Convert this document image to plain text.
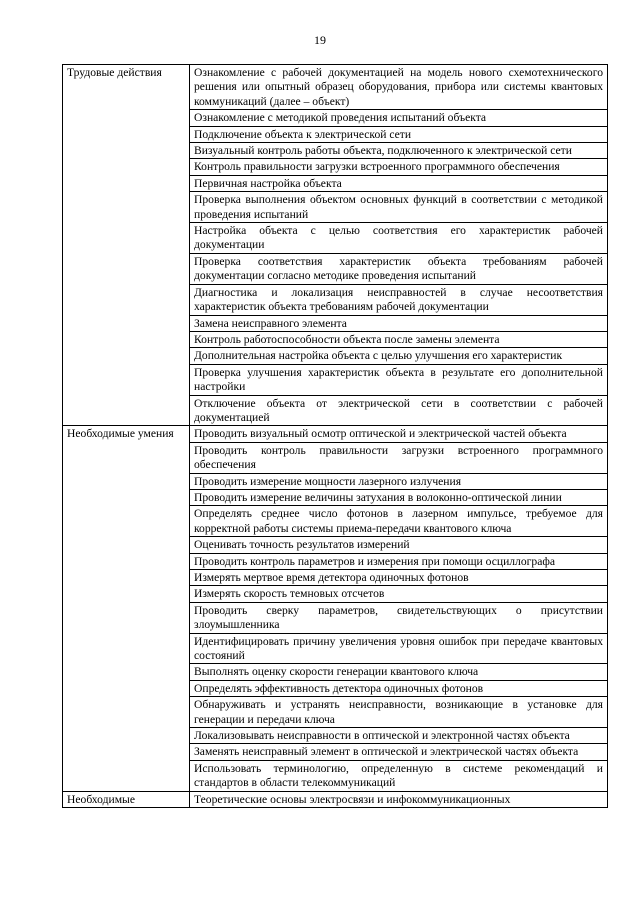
19
Трудовые действия	Ознакомление с рабочей документацией на модель нового схемотехнического решения или опытный образец оборудования, прибора или системы квантовых коммуникаций (далее – объект)
	Ознакомление с методикой проведения испытаний объекта
	Подключение объекта к электрической сети
	Визуальный контроль работы объекта, подключенного к электрической сети
	Контроль правильности загрузки встроенного программного обеспечения
	Первичная настройка объекта
	Проверка выполнения объектом основных функций в соответствии с методикой проведения испытаний
	Настройка объекта с целью соответствия его характеристик рабочей документации
	Проверка соответствия характеристик объекта требованиям рабочей документации согласно методике проведения испытаний
	Диагностика и локализация неисправностей в случае несоответствия характеристик объекта требованиям рабочей документации
	Замена неисправного элемента
	Контроль работоспособности объекта после замены элемента
	Дополнительная настройка объекта с целью улучшения его характеристик
	Проверка улучшения характеристик объекта в результате его дополнительной настройки
	Отключение объекта от электрической сети в соответствии с рабочей документацией
Необходимые умения	Проводить визуальный осмотр оптической и электрической частей объекта
	Проводить контроль правильности загрузки встроенного программного обеспечения
	Проводить измерение мощности лазерного излучения
	Проводить измерение величины затухания в волоконно-оптической линии
	Определять среднее число фотонов в лазерном импульсе, требуемое для корректной работы системы приема-передачи квантового ключа
	Оценивать точность результатов измерений
	Проводить контроль параметров и измерения при помощи осциллографа
	Измерять мертвое время детектора одиночных фотонов
	Измерять скорость темновых отсчетов
	Проводить сверку параметров, свидетельствующих о присутствии злоумышленника
	Идентифицировать причину увеличения уровня ошибок при передаче квантовых состояний
	Выполнять оценку скорости генерации квантового ключа
	Определять эффективность детектора одиночных фотонов
	Обнаруживать и устранять неисправности, возникающие в установке для генерации и передачи ключа
	Локализовывать неисправности в оптической и электронной частях объекта
	Заменять неисправный элемент в оптической и электрической частях объекта
	Использовать терминологию, определенную в системе рекомендаций и стандартов в области телекоммуникаций
Необходимые	Теоретические основы электросвязи и инфокоммуникационных
